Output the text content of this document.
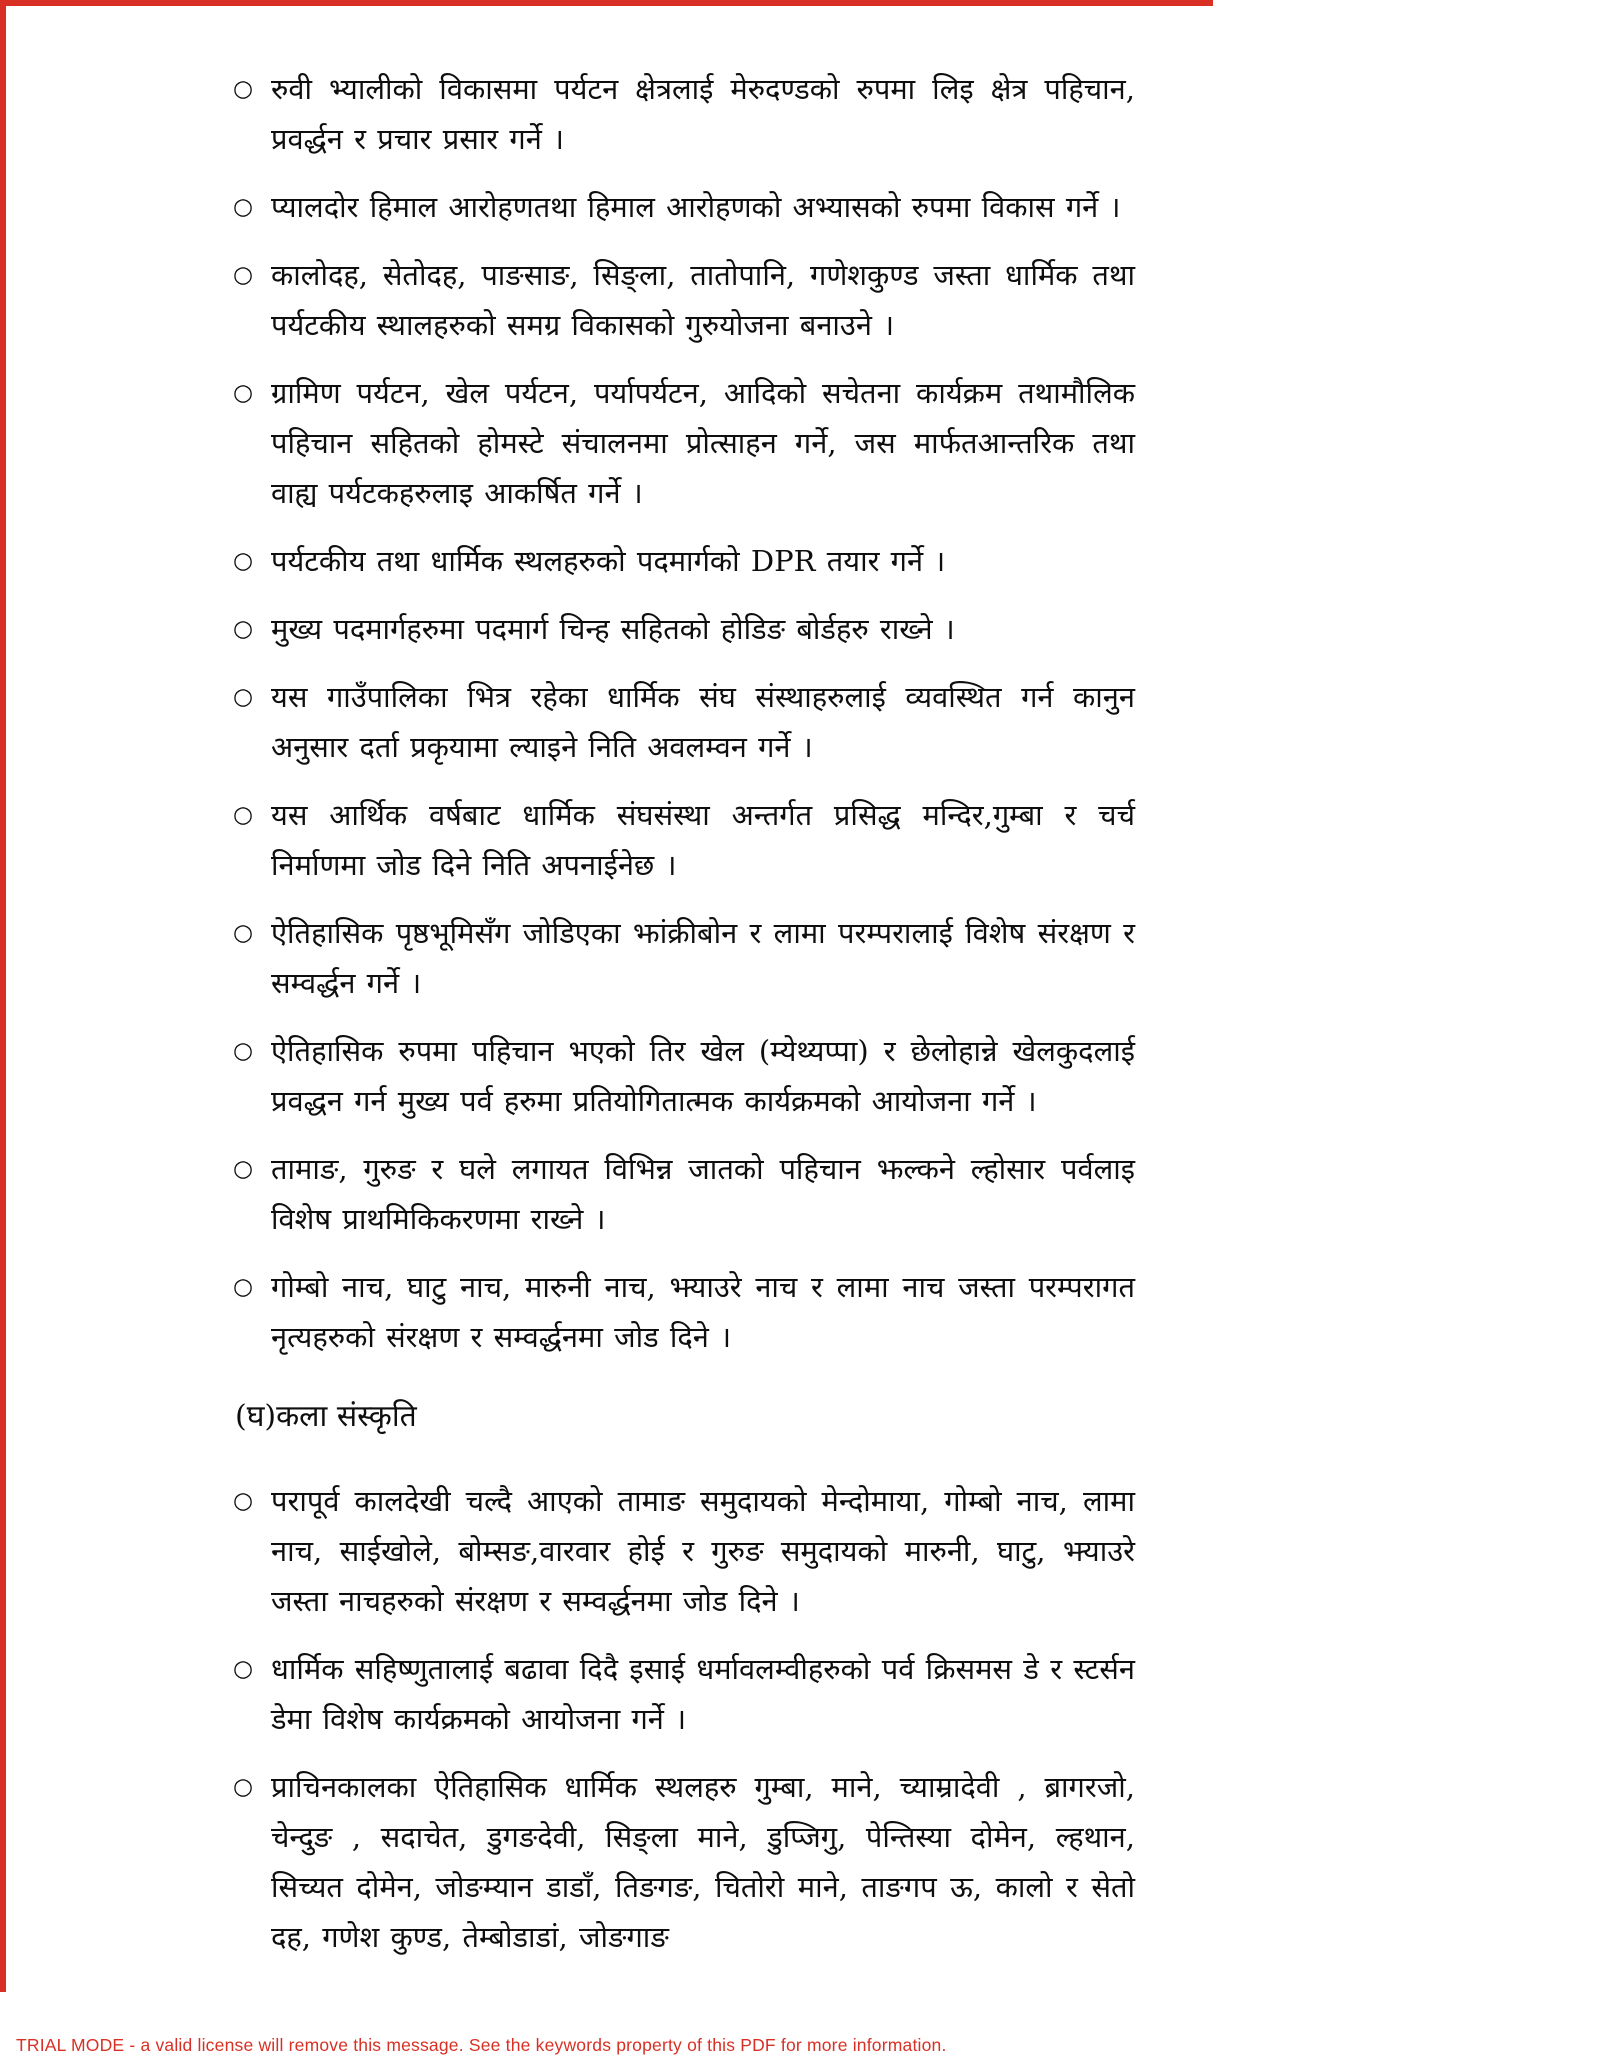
○ रुवी भ्यालीको विकासमा पर्यटन क्षेत्रलाई मेरुदण्डको रुपमा लिइ क्षेत्र पहिचान, प्रवर्द्धन र प्रचार प्रसार गर्ने ।
○ प्यालदोर हिमाल आरोहणतथा हिमाल आरोहणको अभ्यासको रुपमा विकास गर्ने ।
○ कालोदह, सेतोदह, पाङसाङ, सिङ्ला, तातोपानि, गणेशकुण्ड जस्ता धार्मिक तथा पर्यटकीय स्थालहरुको समग्र विकासको गुरुयोजना बनाउने ।
○ ग्रामिण पर्यटन, खेल पर्यटन, पर्यापर्यटन, आदिको सचेतना कार्यक्रम तथामौलिक पहिचान सहितको होमस्टे संचालनमा प्रोत्साहन गर्ने, जस मार्फतआन्तरिक तथा वाह्य पर्यटकहरुलाइ आकर्षित गर्ने ।
○ पर्यटकीय तथा धार्मिक स्थलहरुको पदमार्गको DPR तयार गर्ने ।
○ मुख्य पदमार्गहरुमा पदमार्ग चिन्ह सहितको होडिङ बोर्डहरु राख्ने ।
○ यस गाउँपालिका भित्र रहेका धार्मिक संघ संस्थाहरुलाई व्यवस्थित गर्न कानुन अनुसार दर्ता प्रकृयामा ल्याइने निति अवलम्वन गर्ने ।
○ यस आर्थिक वर्षबाट धार्मिक संघसंस्था अन्तर्गत प्रसिद्ध मन्दिर,गुम्बा र चर्च निर्माणमा जोड दिने निति अपनाईनेछ ।
○ ऐतिहासिक पृष्ठभूमिसँग जोडिएका झांक्रीबोन र लामा परम्परालाई विशेष संरक्षण र सम्वर्द्धन गर्ने ।
○ ऐतिहासिक रुपमा पहिचान भएको तिर खेल (म्येथ्यप्पा) र छेलोहान्ने खेलकुदलाई प्रवद्धन गर्न मुख्य पर्व हरुमा प्रतियोगितात्मक कार्यक्रमको आयोजना गर्ने ।
○ तामाङ, गुरुङ र घले लगायत विभिन्न जातको पहिचान झल्कने ल्होसार पर्वलाइ विशेष प्राथमिकिकरणमा राख्ने ।
○ गोम्बो नाच, घाटु नाच, मारुनी नाच, झ्याउरे नाच र लामा नाच जस्ता परम्परागत नृत्यहरुको संरक्षण र सम्वर्द्धनमा जोड दिने ।
(घ)कला संस्कृति
○ परापूर्व कालदेखी चल्दै आएको तामाङ समुदायको मेन्दोमाया, गोम्बो नाच, लामा नाच, साईखोले, बोम्सङ,वारवार होई र गुरुङ समुदायको मारुनी, घाटु, झ्याउरे जस्ता नाचहरुको संरक्षण र सम्वर्द्धनमा जोड दिने ।
○ धार्मिक सहिष्णुतालाई बढावा दिदै इसाई धर्मावलम्वीहरुको पर्व क्रिसमस डे र स्टर्सन डेमा विशेष कार्यक्रमको आयोजना गर्ने ।
○ प्राचिनकालका ऐतिहासिक धार्मिक स्थलहरु गुम्बा, माने, च्याम्रादेवी , ब्रागरजो, चेन्दुङ , सदाचेत, डुगङदेवी, सिङ्ला माने, डुप्जिगु, पेन्तिस्या दोमेन, ल्हथान, सिच्यत दोमेन, जोङम्यान डाडाँ, तिङगङ, चितोरो माने, ताङगप ऊ, कालो र सेतो दह, गणेश कुण्ड, तेम्बोडाडां, जोङगाङ
TRIAL MODE - a valid license will remove this message. See the keywords property of this PDF for more information.
